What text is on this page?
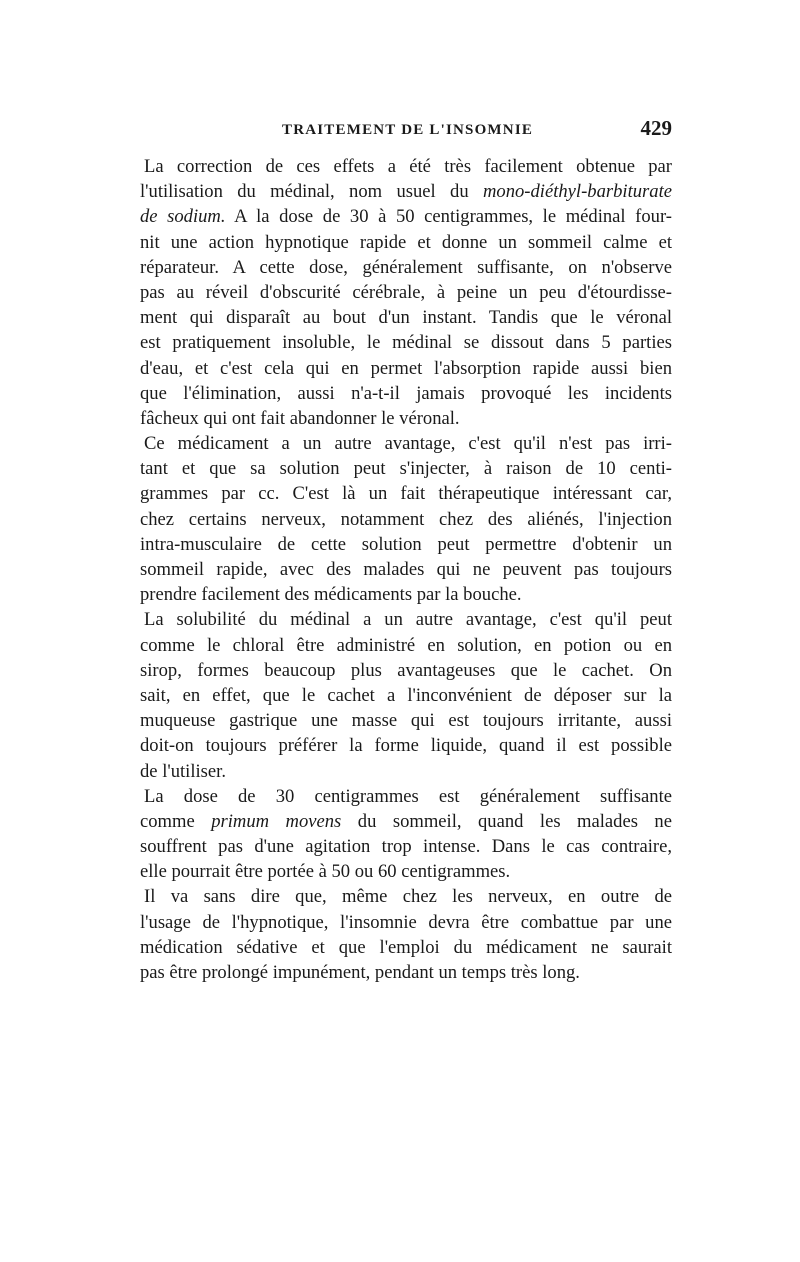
TRAITEMENT DE L'INSOMNIE	429

La correction de ces effets a été très facilement obtenue par
l'utilisation du médinal, nom usuel du mono-diéthyl-barbiturate
de sodium. A la dose de 30 à 50 centigrammes, le médinal four-
nit une action hypnotique rapide et donne un sommeil calme et
réparateur. A cette dose, généralement suffisante, on n'observe
pas au réveil d'obscurité cérébrale, à peine un peu d'étourdisse-
ment qui disparaît au bout d'un instant. Tandis que le véronal
est pratiquement insoluble, le médinal se dissout dans 5 parties
d'eau, et c'est cela qui en permet l'absorption rapide aussi bien
que l'élimination, aussi n'a-t-il jamais provoqué les incidents
fâcheux qui ont fait abandonner le véronal.

Ce médicament a un autre avantage, c'est qu'il n'est pas irri-
tant et que sa solution peut s'injecter, à raison de 10 centi-
grammes par cc. C'est là un fait thérapeutique intéressant car,
chez certains nerveux, notamment chez des aliénés, l'injection
intra-musculaire de cette solution peut permettre d'obtenir un
sommeil rapide, avec des malades qui ne peuvent pas toujours
prendre facilement des médicaments par la bouche.

La solubilité du médinal a un autre avantage, c'est qu'il peut
comme le chloral être administré en solution, en potion ou en
sirop, formes beaucoup plus avantageuses que le cachet. On
sait, en effet, que le cachet a l'inconvénient de déposer sur la
muqueuse gastrique une masse qui est toujours irritante, aussi
doit-on toujours préférer la forme liquide, quand il est possible
de l'utiliser.

La dose de 30 centigrammes est généralement suffisante
comme primum movens du sommeil, quand les malades ne
souffrent pas d'une agitation trop intense. Dans le cas contraire,
elle pourrait être portée à 50 ou 60 centigrammes.

Il va sans dire que, même chez les nerveux, en outre de
l'usage de l'hypnotique, l'insomnie devra être combattue par une
médication sédative et que l'emploi du médicament ne saurait
pas être prolongé impunément, pendant un temps très long.
